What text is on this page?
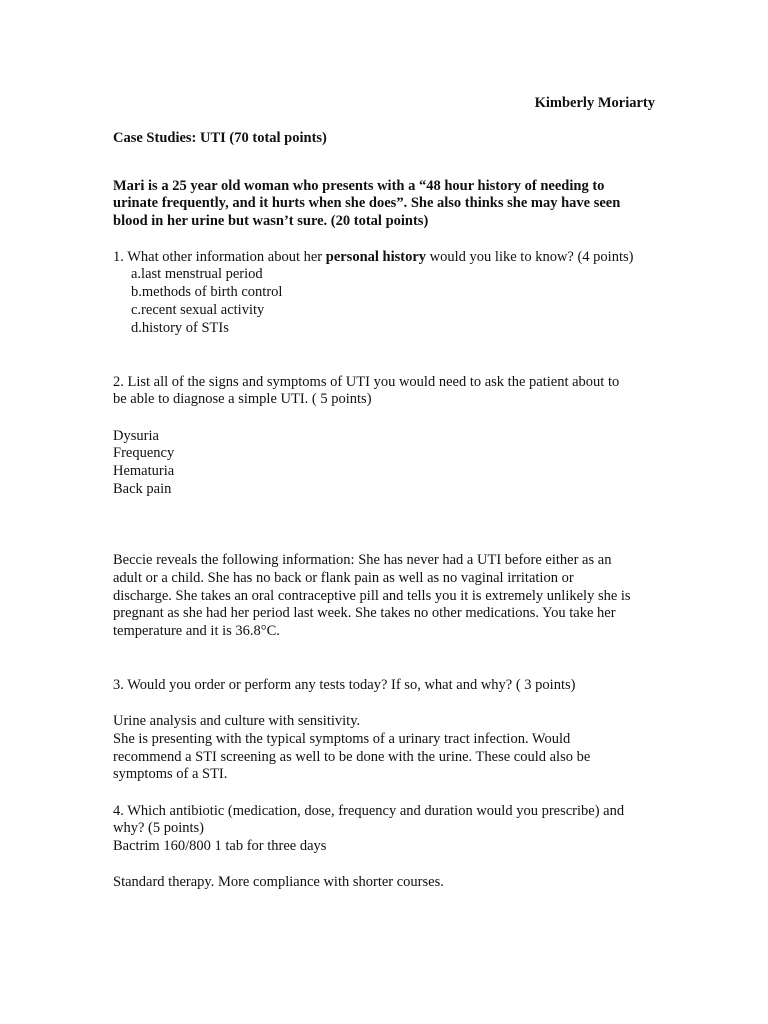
Kimberly Moriarty
Case Studies: UTI (70 total points)
Mari is a 25 year old woman who presents with a “48 hour history of needing to
urinate frequently, and it hurts when she does”. She also thinks she may have seen
blood in her urine but wasn’t sure. (20 total points)
1. What other information about her personal history would you like to know? (4 points)
a.last menstrual period
b.methods of birth control
c.recent sexual activity
d.history of STIs
2. List all of the signs and symptoms of UTI you would need to ask the patient about to
be able to diagnose a simple UTI. ( 5 points)
Dysuria
Frequency
Hematuria
Back pain
Beccie reveals the following information: She has never had a UTI before either as an
adult or a child. She has no back or flank pain as well as no vaginal irritation or
discharge. She takes an oral contraceptive pill and tells you it is extremely unlikely she is
pregnant as she had her period last week. She takes no other medications. You take her
temperature and it is 36.8°C.
3. Would you order or perform any tests today? If so, what and why? ( 3 points)
Urine analysis and culture with sensitivity.
She is presenting with the typical symptoms of a urinary tract infection. Would
recommend a STI screening as well to be done with the urine. These could also be
symptoms of a STI.
4. Which antibiotic (medication, dose, frequency and duration would you prescribe) and
why? (5 points)
Bactrim 160/800 1 tab for three days
Standard therapy. More compliance with shorter courses.
